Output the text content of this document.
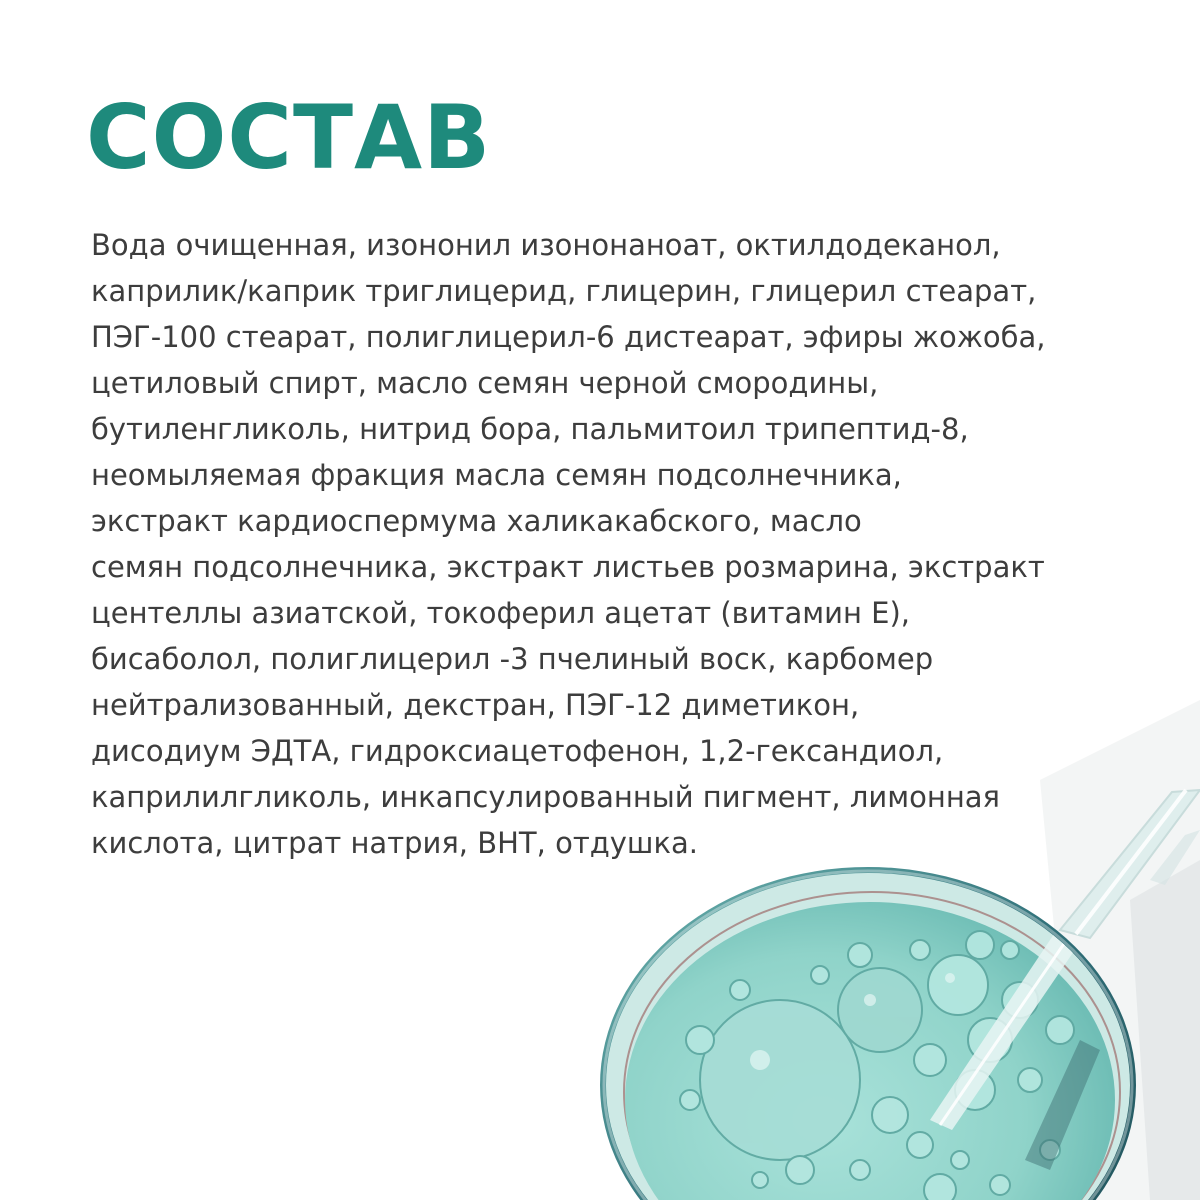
СОСТАВ

Вода очищенная, изононил изононаноат, октилдодеканол,
каприлик/каприк триглицерид, глицерин, глицерил стеарат,
ПЭГ-100 стеарат, полиглицерил-6 дистеарат, эфиры жожоба,
цетиловый спирт, масло семян черной смородины,
бутиленгликоль, нитрид бора, пальмитоил трипептид-8,
неомыляемая фракция масла семян подсолнечника,
экстракт кардиоспермума халикакабского, масло
семян подсолнечника, экстракт листьев розмарина, экстракт
центеллы азиатской, токоферил ацетат (витамин Е),
бисаболол, полиглицерил -3 пчелиный воск, карбомер
нейтрализованный, декстран, ПЭГ-12 диметикон,
дисодиум ЭДТА, гидроксиацетофенон, 1,2-гександиол,
каприлилгликоль, инкапсулированный пигмент, лимонная
кислота, цитрат натрия, ВНТ, отдушка.
